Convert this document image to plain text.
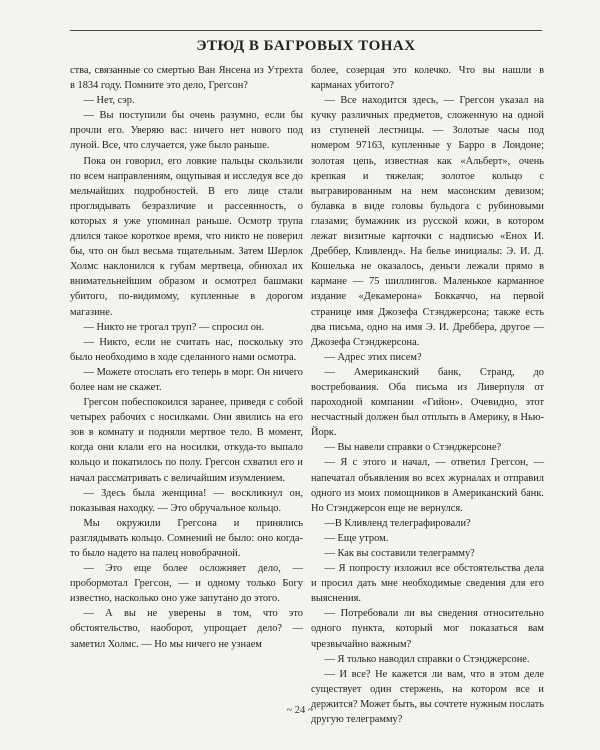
ЭТЮД В БАГРОВЫХ ТОНАХ

ства, связанные со смертью Ван Янсена из Утрехта в 1834 году. Помните это дело, Грегсон?

— Нет, сэр.

— Вы поступили бы очень разумно, если бы прочли его. Уверяю вас: ничего нет нового под луной. Все, что случается, уже было раньше.

Пока он говорил, его ловкие пальцы скользили по всем направлениям, ощупывая и исследуя все до мельчайших подробностей. В его лице стали проглядывать безразличие и рассеянность, о которых я уже упоминал раньше. Осмотр трупа длился такое короткое время, что никто не поверил бы, что он был весьма тщательным. Затем Шерлок Холмс наклонился к губам мертвеца, обнюхал их внимательнейшим образом и осмотрел башмаки убитого, по-видимому, купленные в дорогом магазине.

— Никто не трогал труп? — спросил он.

— Никто, если не считать нас, поскольку это было необходимо в ходе сделанного нами осмотра.

— Можете отослать его теперь в морг. Он ничего более нам не скажет.

Грегсон побеспокоился заранее, приведя с собой четырех рабочих с носилками. Они явились на его зов в комнату и подняли мертвое тело. В момент, когда они клали его на носилки, откуда-то выпало кольцо и покатилось по полу. Грегсон схватил его и начал рассматривать с величайшим изумлением.

— Здесь была женщина! — воскликнул он, показывая находку. — Это обручальное кольцо.

Мы окружили Грегсона и принялись разглядывать кольцо. Сомнений не было: оно когда-то было надето на палец новобрачной.

— Это еще более осложняет дело, — пробормотал Грегсон, — и одному только Богу известно, насколько оно уже запутано до этого.

— А вы не уверены в том, что это обстоятельство, наоборот, упрощает дело? — заметил Холмс. — Но мы ничего не узнаем

более, созерцая это колечко. Что вы нашли в карманах убитого?

— Все находится здесь, — Грегсон указал на кучку различных предметов, сложенную на одной из ступеней лестницы. — Золотые часы под номером 97163, купленные у Барро в Лондоне; золотая цепь, известная как «Альберт», очень крепкая и тяжелая; золотое кольцо с выгравированным на нем масонским девизом; булавка в виде головы бульдога с рубиновыми глазами; бумажник из русской кожи, в котором лежат визитные карточки с надписью «Енох И. Дреббер, Кливленд». На белье инициалы: Э. И. Д. Кошелька не оказалось, деньги лежали прямо в кармане — 75 шиллингов. Маленькое карманное издание «Декамерона» Боккаччо, на первой странице имя Джозефа Стэнджерсона; также есть два письма, одно на имя Э. И. Дреббера, другое — Джозефа Стэнджерсона.

— Адрес этих писем?

— Американский банк, Странд, до востребования. Оба письма из Ливерпуля от пароходной компании «Гийон». Очевидно, этот несчастный должен был отплыть в Америку, в Нью-Йорк.

— Вы навели справки о Стэнджерсоне?

— Я с этого и начал, — ответил Грегсон, — напечатал объявления во всех журналах и отправил одного из моих помощников в Американский банк. Но Стэнджерсон еще не вернулся.

—В Кливленд телеграфировали?

— Еще утром.

— Как вы составили телеграмму?

— Я попросту изложил все обстоятельства дела и просил дать мне необходимые сведения для его выяснения.

— Потребовали ли вы сведения относительно одного пункта, который мог показаться вам чрезвычайно важным?

— Я только наводил справки о Стэнджерсоне.

— И все? Не кажется ли вам, что в этом деле существует один стержень, на котором все и держится? Может быть, вы сочтете нужным послать другую телеграмму?

~ 24 ~
